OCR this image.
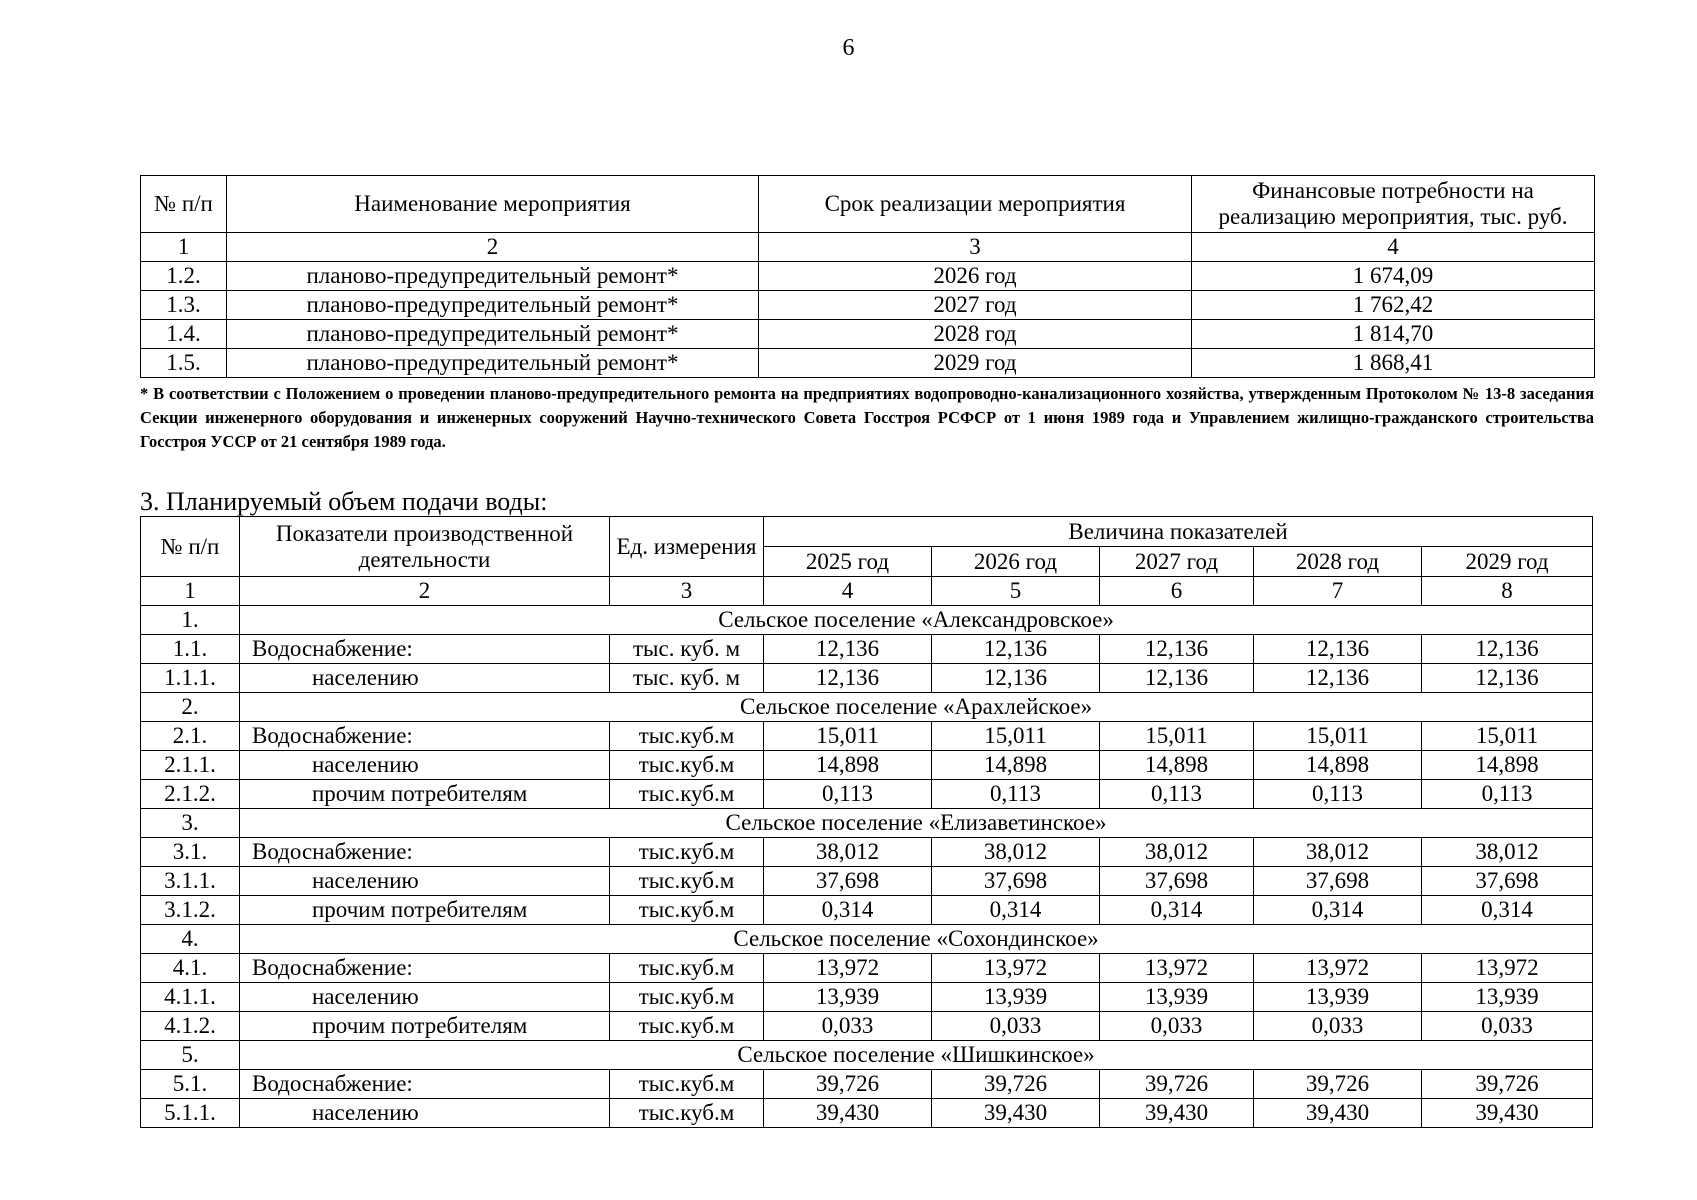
6
№ п/п	Наименование мероприятия	Срок реализации мероприятия	Финансовые потребности на реализацию мероприятия, тыс. руб.
1	2	3	4
1.2.	планово-предупредительный ремонт*	2026 год	1 674,09
1.3.	планово-предупредительный ремонт*	2027 год	1 762,42
1.4.	планово-предупредительный ремонт*	2028 год	1 814,70
1.5.	планово-предупредительный ремонт*	2029 год	1 868,41
* В соответствии с Положением о проведении планово-предупредительного ремонта на предприятиях водопроводно-канализационного хозяйства, утвержденным Протоколом № 13-8 заседания Секции инженерного оборудования и инженерных сооружений Научно-технического Совета Госстроя РСФСР от 1 июня 1989 года и Управлением жилищно-гражданского строительства Госстроя УССР от 21 сентября 1989 года.
3. Планируемый объем подачи воды:
№ п/п	Показатели производственной деятельности	Ед. измерения	Величина показателей				
			2025 год	2026 год	2027 год	2028 год	2029 год
1	2	3	4	5	6	7	8
1.	Сельское поселение «Александровское»						
1.1.	Водоснабжение:	тыс. куб. м	12,136	12,136	12,136	12,136	12,136
1.1.1.	населению	тыс. куб. м	12,136	12,136	12,136	12,136	12,136
2.	Сельское поселение «Арахлейское»						
2.1.	Водоснабжение:	тыс.куб.м	15,011	15,011	15,011	15,011	15,011
2.1.1.	населению	тыс.куб.м	14,898	14,898	14,898	14,898	14,898
2.1.2.	прочим потребителям	тыс.куб.м	0,113	0,113	0,113	0,113	0,113
3.	Сельское поселение «Елизаветинское»						
3.1.	Водоснабжение:	тыс.куб.м	38,012	38,012	38,012	38,012	38,012
3.1.1.	населению	тыс.куб.м	37,698	37,698	37,698	37,698	37,698
3.1.2.	прочим потребителям	тыс.куб.м	0,314	0,314	0,314	0,314	0,314
4.	Сельское поселение «Сохондинское»						
4.1.	Водоснабжение:	тыс.куб.м	13,972	13,972	13,972	13,972	13,972
4.1.1.	населению	тыс.куб.м	13,939	13,939	13,939	13,939	13,939
4.1.2.	прочим потребителям	тыс.куб.м	0,033	0,033	0,033	0,033	0,033
5.	Сельское поселение «Шишкинское»						
5.1.	Водоснабжение:	тыс.куб.м	39,726	39,726	39,726	39,726	39,726
5.1.1.	населению	тыс.куб.м	39,430	39,430	39,430	39,430	39,430
